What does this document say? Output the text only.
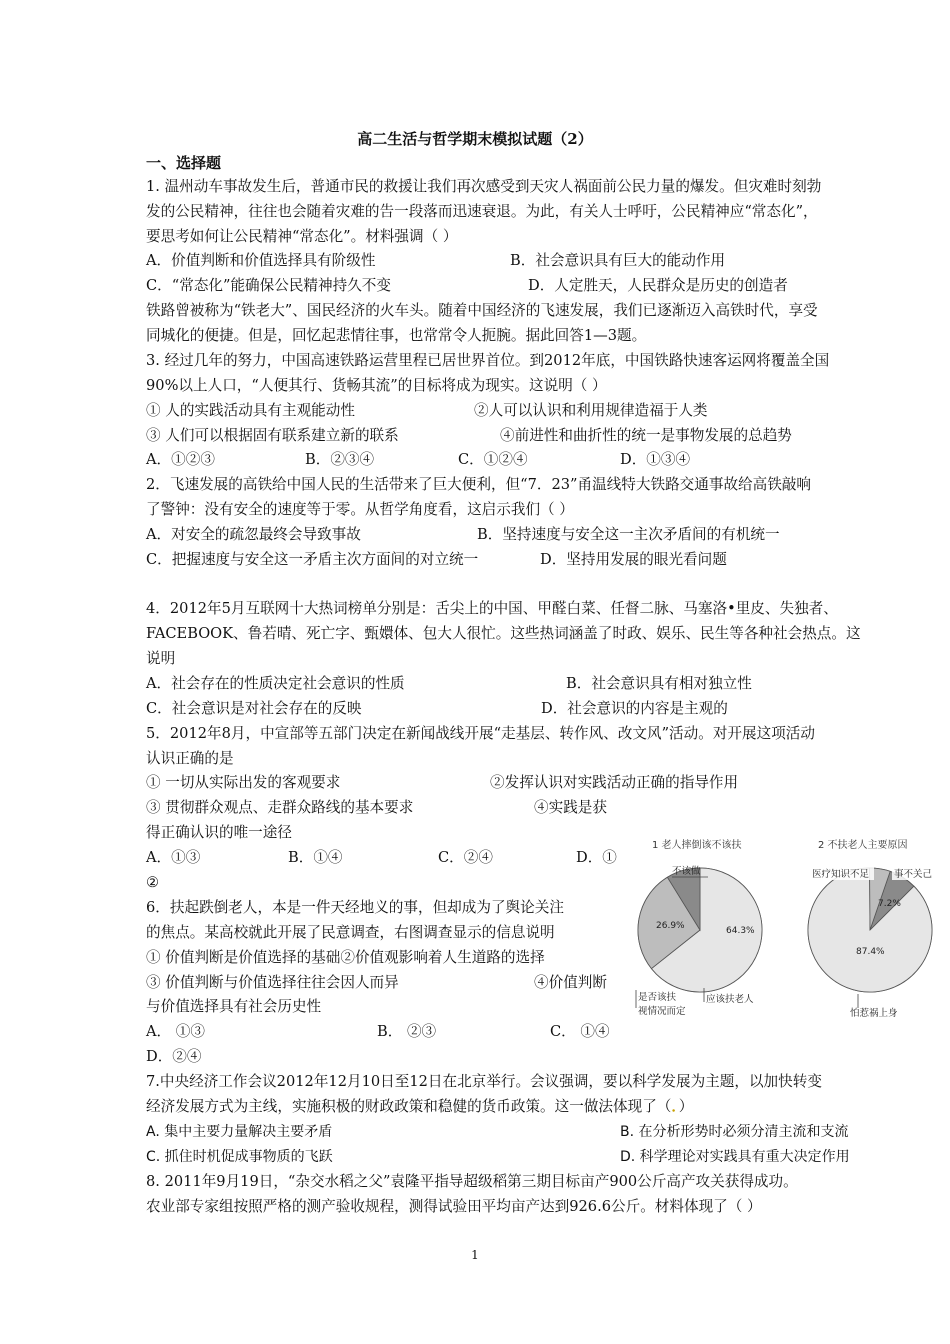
高二生活与哲学期末模拟试题（2）
一、选择题
1. 温州动车事故发生后，普通市民的救援让我们再次感受到天灾人祸面前公民力量的爆发。但灾难时刻勃
发的公民精神，往往也会随着灾难的告一段落而迅速衰退。为此，有关人士呼吁，公民精神应“常态化”，
要思考如何让公民精神“常态化”。材料强调（ ）
A．价值判断和价值选择具有阶级性	B．社会意识具有巨大的能动作用
C．“常态化”能确保公民精神持久不变	D．人定胜天，人民群众是历史的创造者
铁路曾被称为“铁老大”、国民经济的火车头。随着中国经济的飞速发展，我们已逐渐迈入高铁时代，享受
同城化的便捷。但是，回忆起悲情往事，也常常令人扼腕。据此回答1—3题。
3. 经过几年的努力，中国高速铁路运营里程已居世界首位。到2012年底，中国铁路快速客运网将覆盖全国
90%以上人口，“人便其行、货畅其流”的目标将成为现实。这说明（ ）
① 人的实践活动具有主观能动性	②人可以认识和利用规律造福于人类
③ 人们可以根据固有联系建立新的联系	④前进性和曲折性的统一是事物发展的总趋势
A．①②③	B．②③④	C．①②④	D．①③④
2．飞速发展的高铁给中国人民的生活带来了巨大便利，但“7．23”甬温线特大铁路交通事故给高铁敲响
了警钟：没有安全的速度等于零。从哲学角度看，这启示我们（ ）
A．对安全的疏忽最终会导致事故	B．坚持速度与安全这一主次矛盾间的有机统一
C．把握速度与安全这一矛盾主次方面间的对立统一	D．坚持用发展的眼光看问题
4．2012年5月互联网十大热词榜单分别是：舌尖上的中国、甲醛白菜、任督二脉、马塞洛•里皮、失独者、
FACEBOOK、鲁若晴、死亡字、甄嬛体、包大人很忙。这些热词涵盖了时政、娱乐、民生等各种社会热点。这
说明
A．社会存在的性质决定社会意识的性质	B．社会意识具有相对独立性
C．社会意识是对社会存在的反映	D．社会意识的内容是主观的
5．2012年8月，中宣部等五部门决定在新闻战线开展“走基层、转作风、改文风”活动。对开展这项活动
认识正确的是
① 一切从实际出发的客观要求	②发挥认识对实践活动正确的指导作用
③ 贯彻群众观点、走群众路线的基本要求	④实践是获
得正确认识的唯一途径
A．①③	B．①④	C．②④	D．①
②
6．扶起跌倒老人，本是一件天经地义的事，但却成为了舆论关注
的焦点。某高校就此开展了民意调查，右图调查显示的信息说明
① 价值判断是价值选择的基础②价值观影响着人生道路的选择
③ 价值判断与价值选择往往会因人而异	④价值判断
与价值选择具有社会历史性
A． ①③	B． ②③	C． ①④
D．②④
1 老人摔倒该不该扶
不该做
26.9%	64.3%
是否该扶
视情况而定
应该扶老人
2 不扶老人主要原因
医疗知识不足	事不关己
7.2%
87.4%
怕惹祸上身
7.中央经济工作会议2012年12月10日至12日在北京举行。会议强调，要以科学发展为主题，以加快转变
经济发展方式为主线，实施积极的财政政策和稳健的货币政策。这一做法体现了（．）
A. 集中主要力量解决主要矛盾	B. 在分析形势时必须分清主流和支流
C. 抓住时机促成事物质的飞跃	D. 科学理论对实践具有重大决定作用
8. 2011年9月19日，“杂交水稻之父”袁隆平指导超级稻第三期目标亩产900公斤高产攻关获得成功。
农业部专家组按照严格的测产验收规程，测得试验田平均亩产达到926.6公斤。材料体现了（ ）
1
